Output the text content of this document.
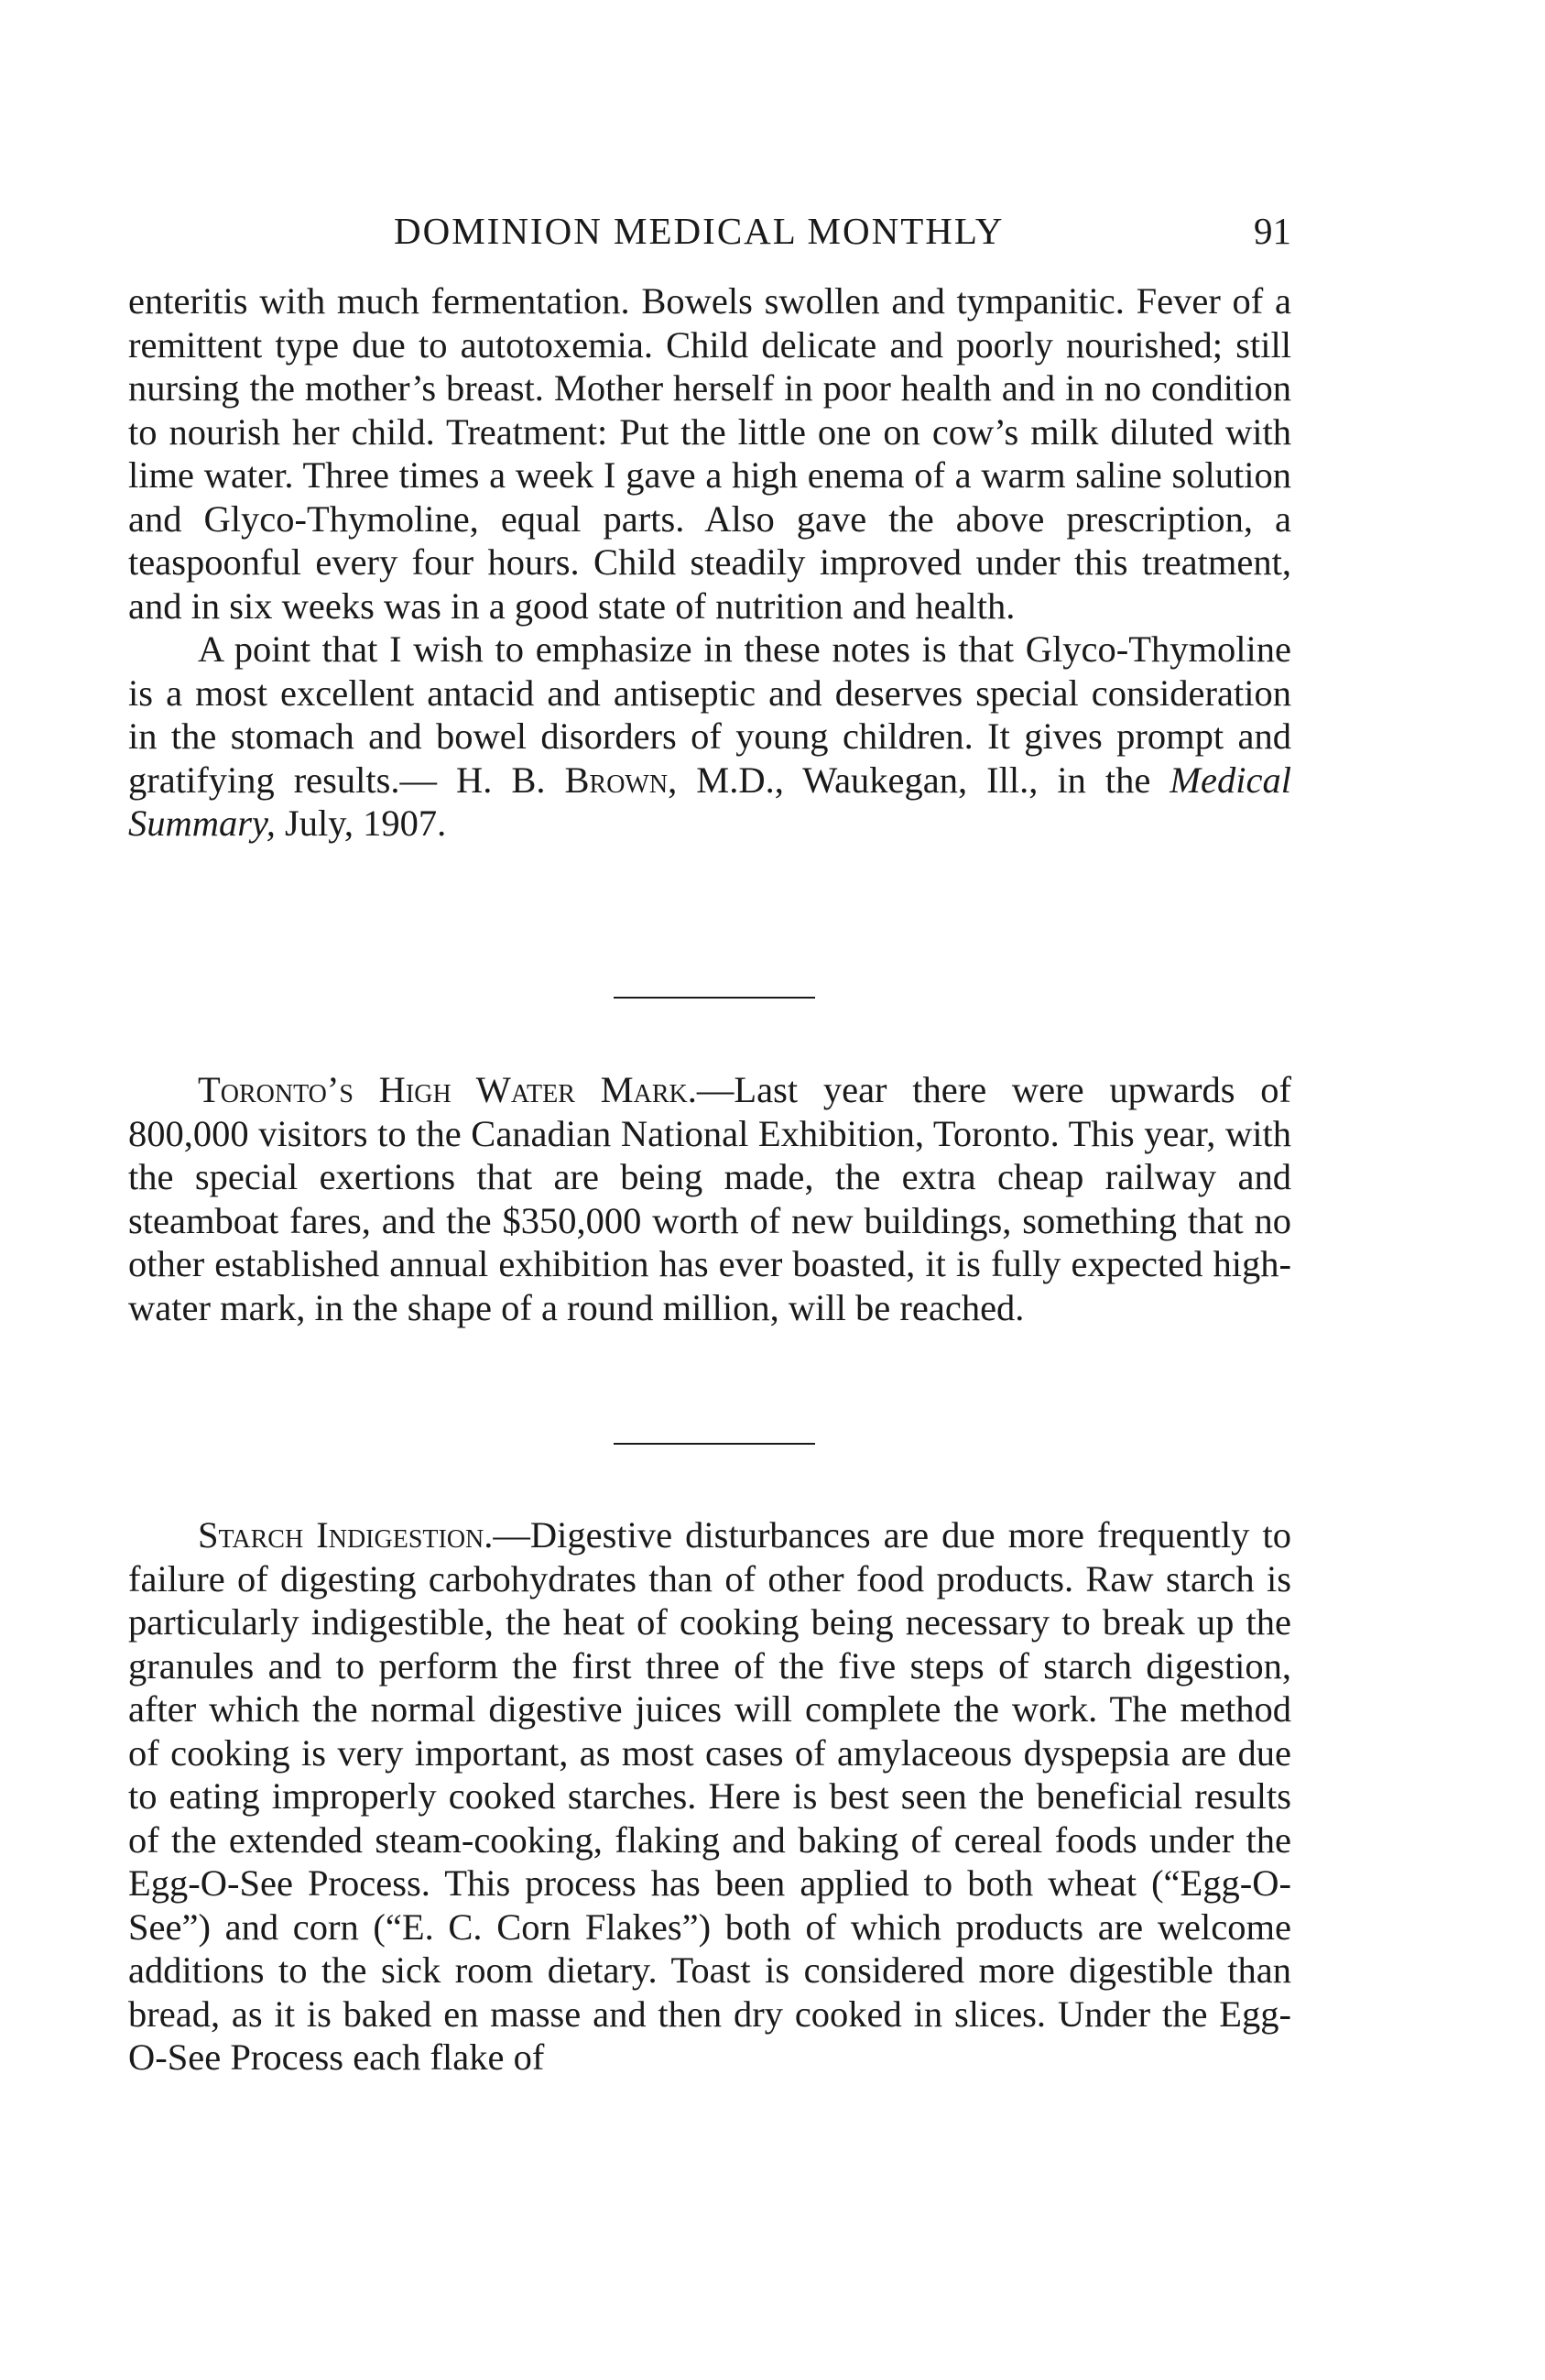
DOMINION MEDICAL MONTHLY	91

enteritis with much fermentation. Bowels swollen and tympanitic. Fever of a remittent type due to autotoxemia. Child delicate and poorly nourished; still nursing the mother’s breast. Mother herself in poor health and in no condition to nourish her child. Treatment: Put the little one on cow’s milk diluted with lime water. Three times a week I gave a high enema of a warm saline solution and Glyco-Thymoline, equal parts. Also gave the above prescription, a teaspoonful every four hours. Child steadily improved under this treatment, and in six weeks was in a good state of nutrition and health.

A point that I wish to emphasize in these notes is that Glyco-Thymoline is a most excellent antacid and antiseptic and deserves special consideration in the stomach and bowel disorders of young children. It gives prompt and gratifying results.— H. B. Brown, M.D., Waukegan, Ill., in the Medical Summary, July, 1907.

Toronto’s High Water Mark.—Last year there were upwards of 800,000 visitors to the Canadian National Exhibition, Toronto. This year, with the special exertions that are being made, the extra cheap railway and steamboat fares, and the $350,000 worth of new buildings, something that no other established annual exhibition has ever boasted, it is fully expected high-water mark, in the shape of a round million, will be reached.

Starch Indigestion.—Digestive disturbances are due more frequently to failure of digesting carbohydrates than of other food products. Raw starch is particularly indigestible, the heat of cooking being necessary to break up the granules and to perform the first three of the five steps of starch digestion, after which the normal digestive juices will complete the work. The method of cooking is very important, as most cases of amylaceous dyspepsia are due to eating improperly cooked starches. Here is best seen the beneficial results of the extended steam-cooking, flaking and baking of cereal foods under the Egg-O-See Process. This process has been applied to both wheat (“Egg-O-See”) and corn (“E. C. Corn Flakes”) both of which products are welcome additions to the sick room dietary. Toast is considered more digestible than bread, as it is baked en masse and then dry cooked in slices. Under the Egg-O-See Process each flake of
